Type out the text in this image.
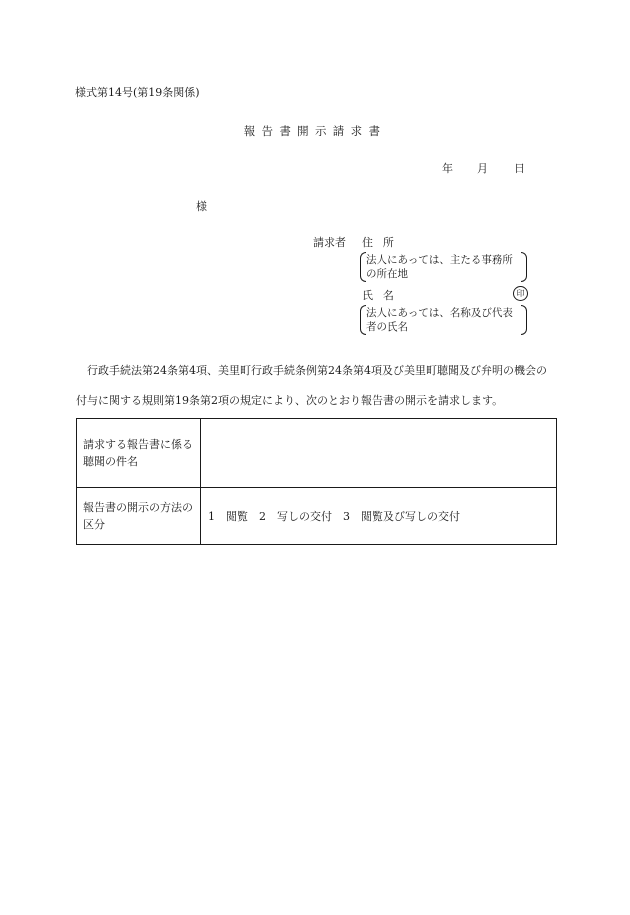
様式第14号(第19条関係)
報告書開示請求書
年 月 日
様
請求者 住所
法人にあっては、主たる事務所の所在地
氏名	印
法人にあっては、名称及び代表者の氏名
行政手続法第24条第4項、美里町行政手続条例第24条第4項及び美里町聴聞及び弁明の機会の付与に関する規則第19条第2項の規定により、次のとおり報告書の開示を請求します。
請求する報告書に係る聴聞の件名	
報告書の開示の方法の区分	1　閲覧　2　写しの交付　3　閲覧及び写しの交付
